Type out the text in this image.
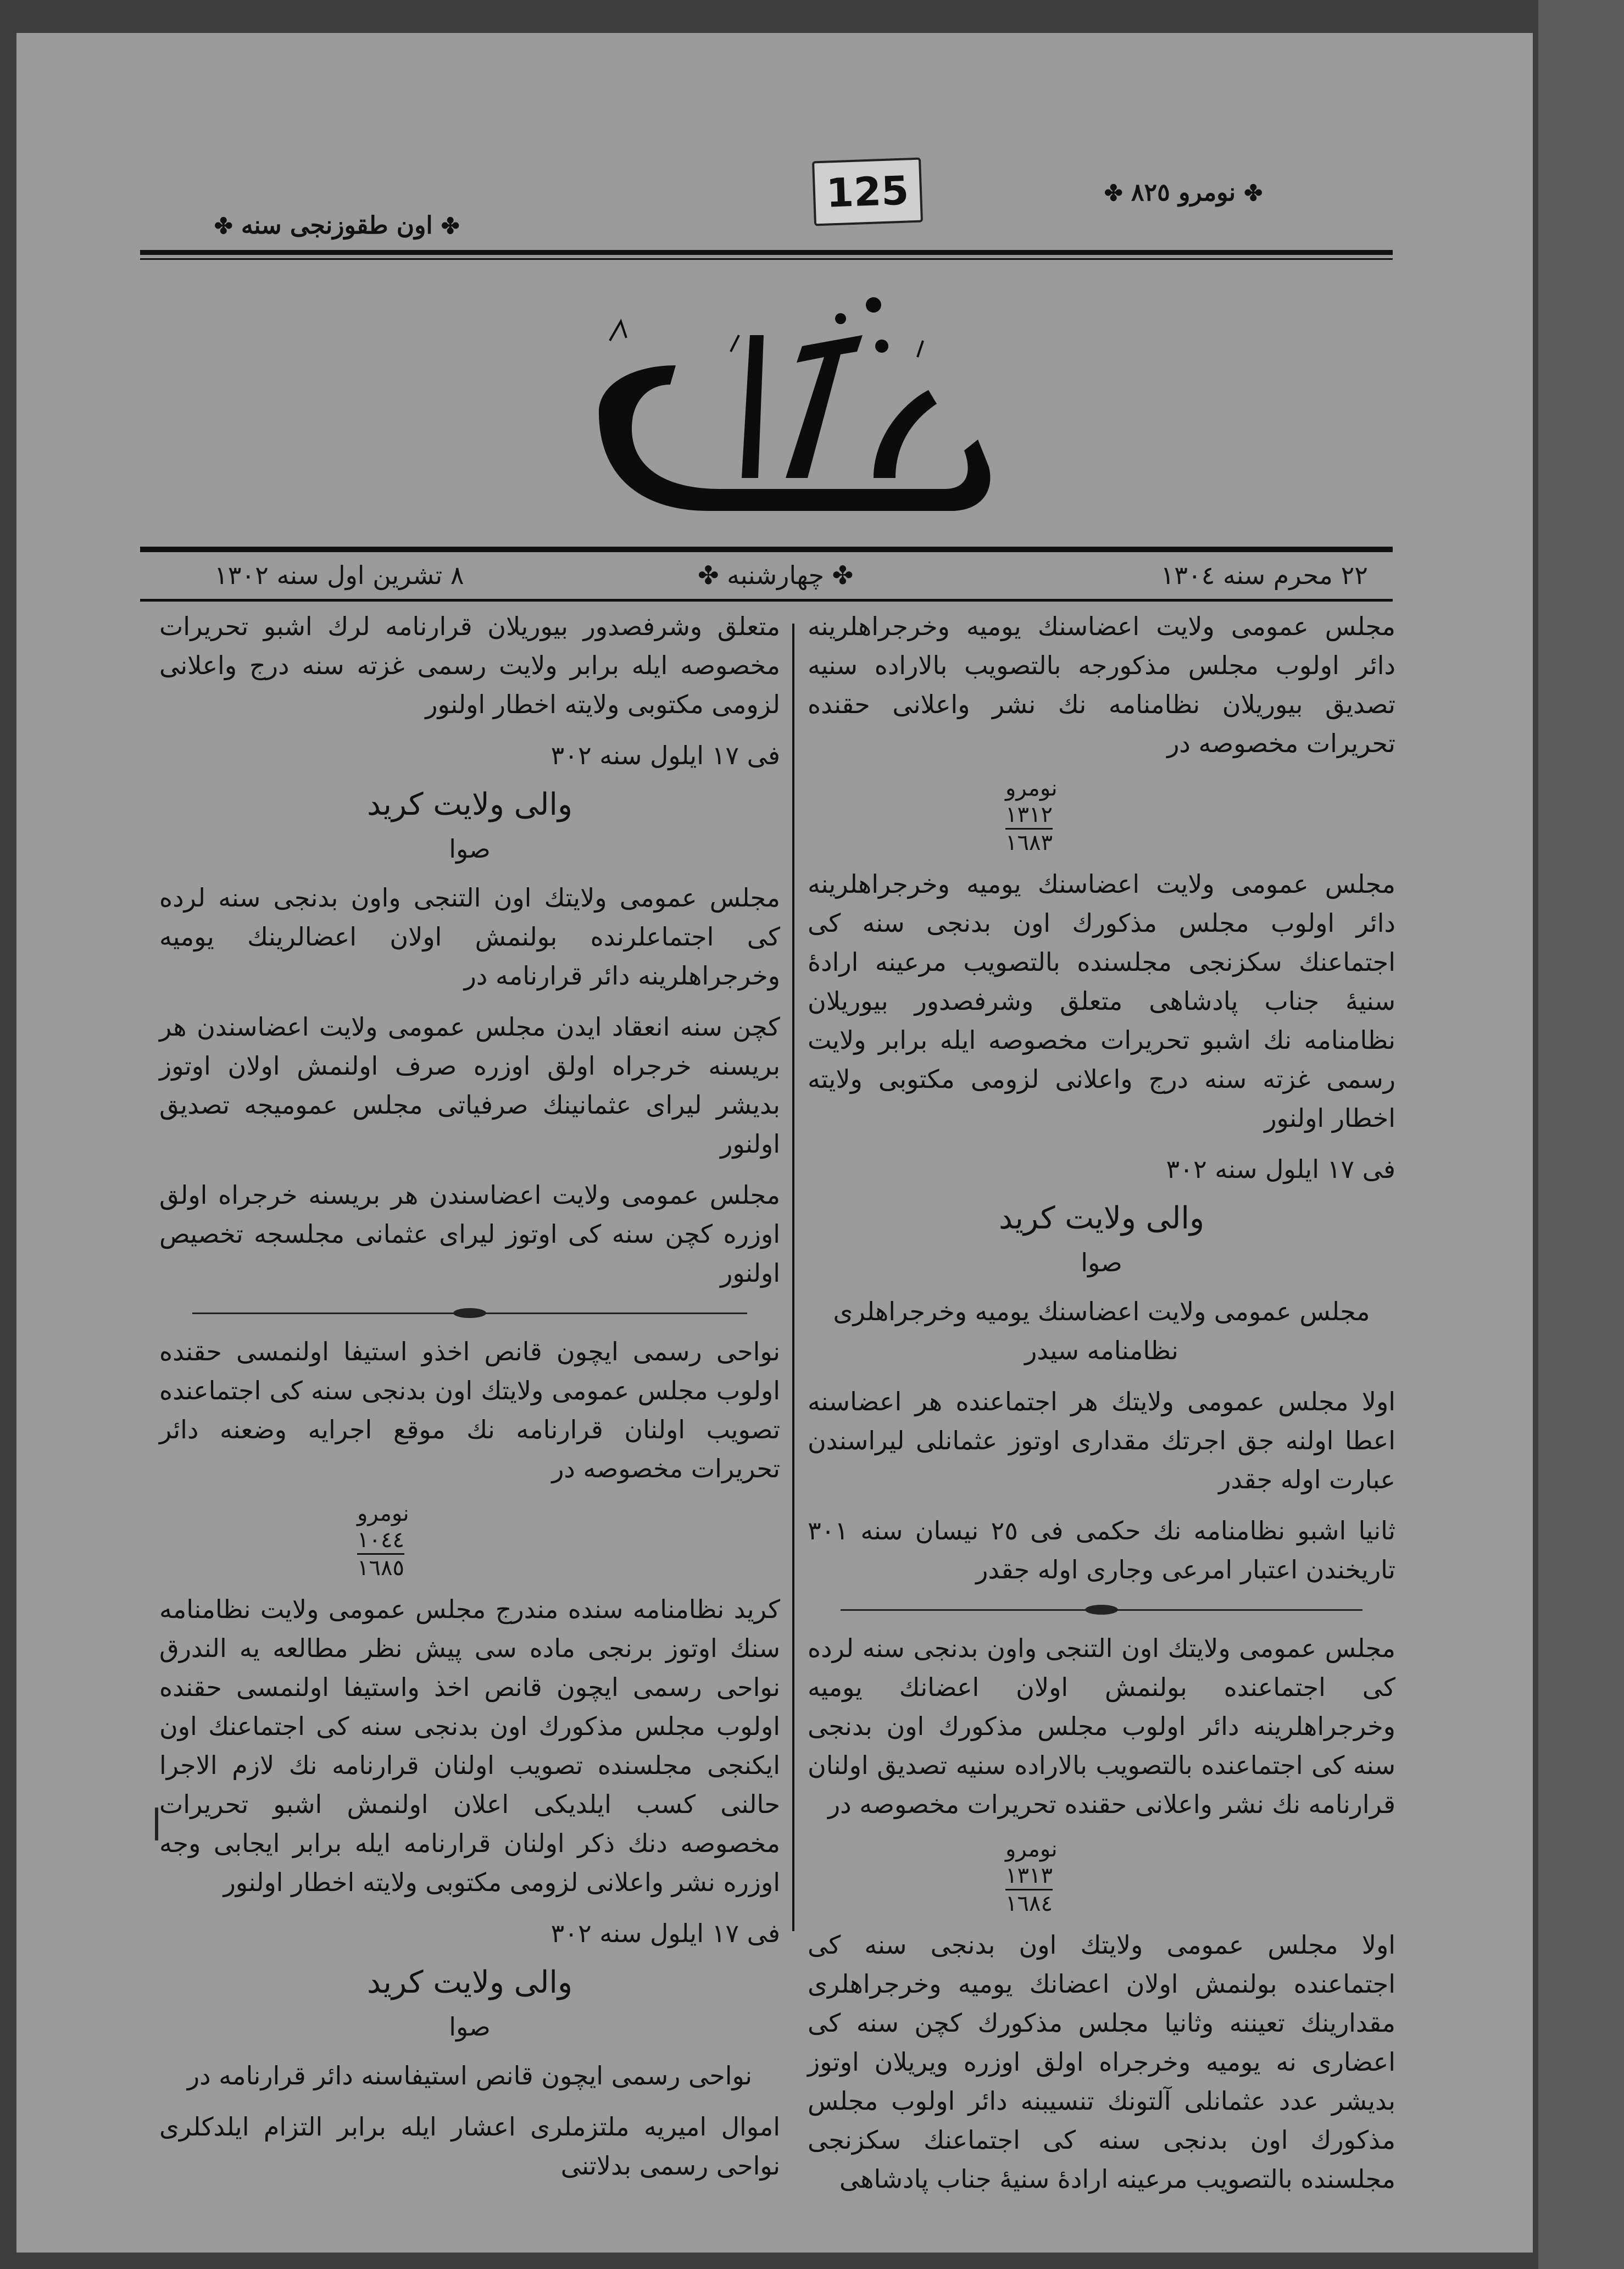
125	✤ نومرو ٨٢٥ ✤
✤ اون طقوزنجی سنه ✤
٢٢ محرم سنه ١٣٠٤
✤ چهارشنبه ✤
٨ تشرین اول سنه ١٣٠٢

مجلس عمومی ولایت اعضاسنك یومیه وخرجراهلرینه دائر اولوب مجلس مذكورجه بالتصویب بالاراده سنیه تصدیق بیوریلان نظامنامه نك نشر واعلانی حقنده تحریرات مخصوصه در

نومرو
١٣١٢
١٦٨٣

مجلس عمومی ولایت اعضاسنك یومیه وخرجراهلرینه دائر اولوب مجلس مذكورك اون بدنجی سنه كی اجتماعنك سكزنجی مجلسنده بالتصویب مرعینه ارادهٔ سنیهٔ جناب پادشاهی متعلق وشرفصدور بیوریلان نظامنامه نك اشبو تحریرات مخصوصه ایله برابر ولایت رسمی غزته سنه درج واعلانی لزومی مكتوبی ولایته اخطار اولنور

فی ١٧ ایلول سنه ٣٠٢

والی ولایت كريد

صوا

مجلس عمومی ولایت اعضاسنك یومیه وخرجراهلری نظامنامه سیدر

اولا مجلس عمومی ولایتك هر اجتماعنده هر اعضاسنه اعطا اولنه جق اجرتك مقداری اوتوز عثمانلی لیراسندن عبارت اوله جقدر

ثانیا اشبو نظامنامه نك حكمی فی ٢٥ نیسان سنه ٣٠١ تاریخندن اعتبار امرعی وجاری اوله جقدر

مجلس عمومی ولایتك اون التنجی واون بدنجی سنه لرده كی اجتماعنده بولنمش اولان اعضانك یومیه وخرجراهلرینه دائر اولوب مجلس مذكورك اون بدنجی سنه كی اجتماعنده بالتصویب بالاراده سنیه تصدیق اولنان قرارنامه نك نشر واعلانی حقنده تحریرات مخصوصه در

نومرو
١٣١٣
١٦٨٤

اولا مجلس عمومی ولایتك اون بدنجی سنه كی اجتماعنده بولنمش اولان اعضانك یومیه وخرجراهلری مقدارینك تعیننه وثانیا مجلس مذكورك كچن سنه كی اعضاری نه یومیه وخرجراه اولق اوزره ویریلان اوتوز بدیشر عدد عثمانلی آلتونك تنسیبنه دائر اولوب مجلس مذكورك اون بدنجی سنه كی اجتماعنك سكزنجی مجلسنده بالتصویب مرعینه ارادهٔ سنیهٔ جناب پادشاهی

متعلق وشرفصدور بیوریلان قرارنامه لرك اشبو تحریرات مخصوصه ایله برابر ولایت رسمی غزته سنه درج واعلانی لزومی مكتوبی ولایته اخطار اولنور

فی ١٧ ایلول سنه ٣٠٢

والی ولایت كريد

صوا

مجلس عمومی ولایتك اون التنجی واون بدنجی سنه لرده كی اجتماعلرنده بولنمش اولان اعضالرینك یومیه وخرجراهلرینه دائر قرارنامه در

كچن سنه انعقاد ایدن مجلس عمومی ولایت اعضاسندن هر بریسنه خرجراه اولق اوزره صرف اولنمش اولان اوتوز بدیشر لیرای عثمانینك صرفیاتی مجلس عمومیجه تصدیق اولنور

مجلس عمومی ولایت اعضاسندن هر بریسنه خرجراه اولق اوزره كچن سنه كی اوتوز لیرای عثمانی مجلسجه تخصیص اولنور

نواحی رسمی ایچون قانص اخذو استیفا اولنمسی حقنده اولوب مجلس عمومی ولایتك اون بدنجی سنه كی اجتماعنده تصویب اولنان قرارنامه نك موقع اجرایه وضعنه دائر تحریرات مخصوصه در

نومرو
١٠٤٤
١٦٨٥

كريد نظامنامه سنده مندرج مجلس عمومی ولایت نظامنامه سنك اوتوز برنجی ماده سی پیش نظر مطالعه یه الندرق نواحی رسمی ایچون قانص اخذ واستیفا اولنمسی حقنده اولوب مجلس مذكورك اون بدنجی سنه كی اجتماعنك اون ایكنجی مجلسنده تصویب اولنان قرارنامه نك لازم الاجرا حالنی كسب ایلدیكی اعلان اولنمش اشبو تحریرات مخصوصه دنك ذكر اولنان قرارنامه ایله برابر ایجابی وجه اوزره نشر واعلانی لزومی مكتوبی ولایته اخطار اولنور

فی ١٧ ایلول سنه ٣٠٢

والی ولایت كريد

صوا

نواحی رسمی ایچون قانص استیفاسنه دائر قرارنامه در

اموال امیریه ملتزملری اعشار ایله برابر التزام ایلدكلری نواحی رسمی بدلاتنی
